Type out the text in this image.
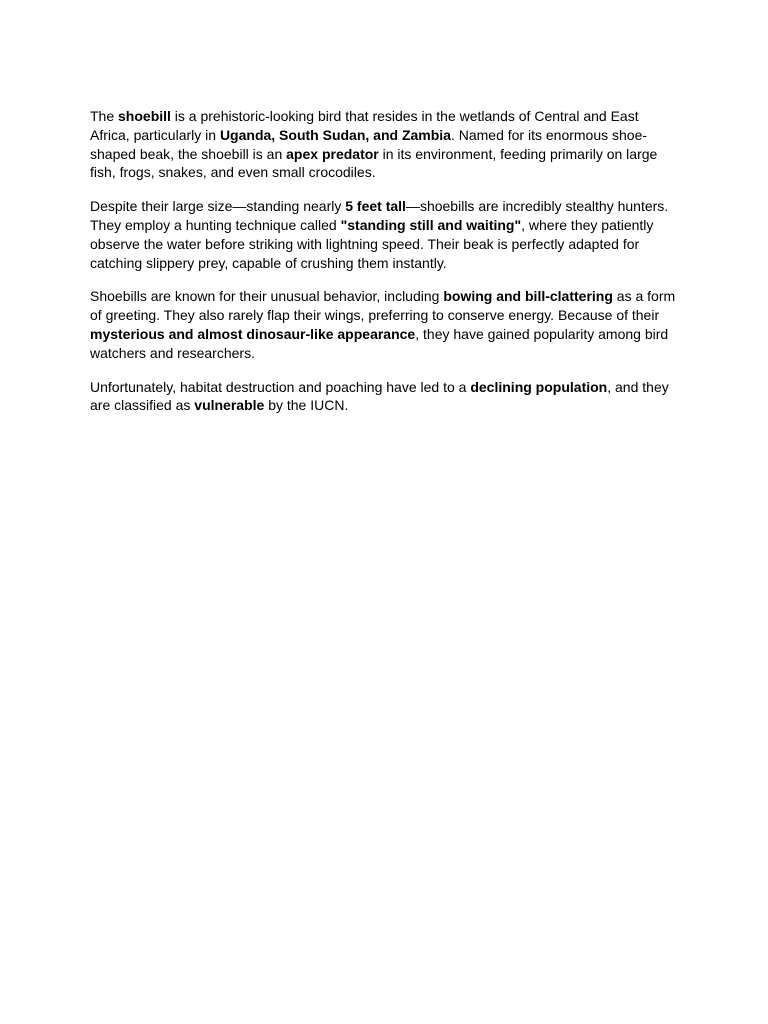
The shoebill is a prehistoric-looking bird that resides in the wetlands of Central and East Africa, particularly in Uganda, South Sudan, and Zambia. Named for its enormous shoe-shaped beak, the shoebill is an apex predator in its environment, feeding primarily on large fish, frogs, snakes, and even small crocodiles.

Despite their large size—standing nearly 5 feet tall—shoebills are incredibly stealthy hunters. They employ a hunting technique called "standing still and waiting", where they patiently observe the water before striking with lightning speed. Their beak is perfectly adapted for catching slippery prey, capable of crushing them instantly.

Shoebills are known for their unusual behavior, including bowing and bill-clattering as a form of greeting. They also rarely flap their wings, preferring to conserve energy. Because of their mysterious and almost dinosaur-like appearance, they have gained popularity among bird watchers and researchers.

Unfortunately, habitat destruction and poaching have led to a declining population, and they are classified as vulnerable by the IUCN.
